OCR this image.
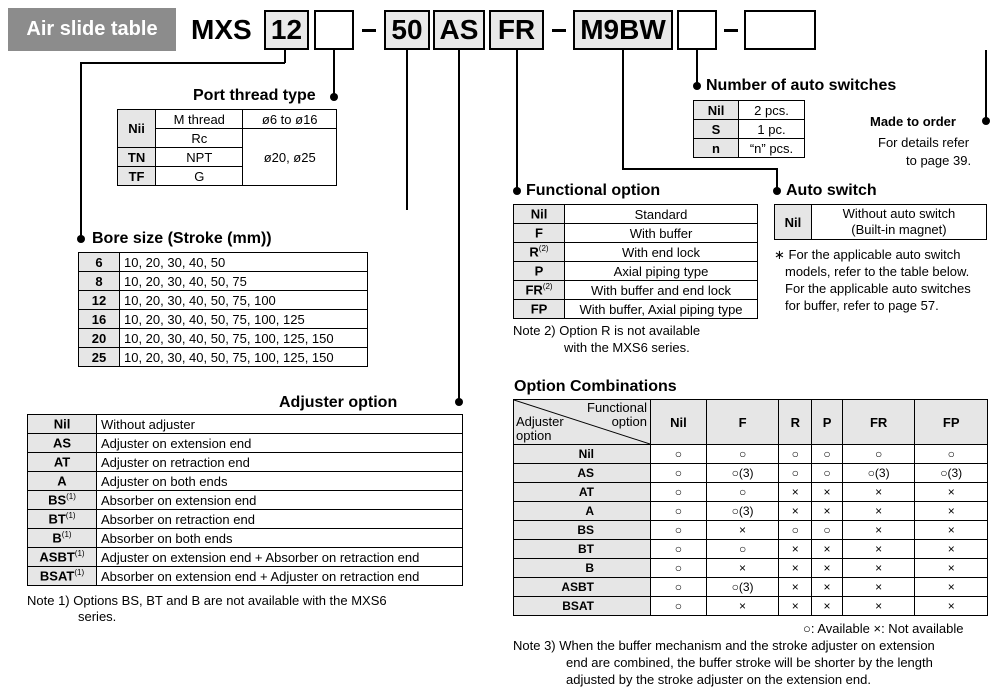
Air slide table	MXS 12	50 AS FR	M9BW
Port thread type
Nii	M thread	ø6 to ø16
	Rc	ø20, ø25
TN	NPT	
TF	G	
Bore size (Stroke (mm))
6	10, 20, 30, 40, 50
8	10, 20, 30, 40, 50, 75
12	10, 20, 30, 40, 50, 75, 100
16	10, 20, 30, 40, 50, 75, 100, 125
20	10, 20, 30, 40, 50, 75, 100, 125, 150
25	10, 20, 30, 40, 50, 75, 100, 125, 150
Adjuster option
Nil	Without adjuster
AS	Adjuster on extension end
AT	Adjuster on retraction end
A	Adjuster on both ends
BS$^{(1)}$	Absorber on extension end
BT$^{(1)}$	Absorber on retraction end
$B^{(1)}$	Absorber on both ends
ASBT$^{(1)}$	Adjuster on extension end + Absorber on retraction end
BSAT$^{(1)}$	Absorber on extension end + Adjuster on retraction end
Note 1) Options BS, BT and B are not available with the MXS6
series.
Number of auto switches
Nil	2 pcs.
S	1 pc.
n	“n” pcs.
Made to order
For details refer
to page 39.
Functional option
Nil	Standard
F	With buffer
$R^{(2)}$	With end lock
P	Axial piping type
FR$^{(2)}$	With buffer and end lock
FP	With buffer, Axial piping type
Note 2) Option R is not available
with the MXS6 series.
Auto switch
Nil	
Without auto switch
(Built-in magnet)
∗ For the applicable auto switch
models, refer to the table below.
For the applicable auto switches
for buffer, refer to page 57.
Option Combinations
Functional
option
Adjuster
option	Nil	F	R	P	FR	FP
Nil	○	○	○	○	○	○
AS	○	○(3)	○	○	○(3)	○(3)
AT	○	○	×	×	×	×
A	○	○(3)	×	×	×	×
BS	○	×	○	○	×	×
BT	○	○	×	×	×	×
B	○	×	×	×	×	×
ASBT	○	○(3)	×	×	×	×
BSAT	○	×	×	×	×	×
○: Available ×: Not available
Note 3) When the buffer mechanism and the stroke adjuster on extension
end are combined, the buffer stroke will be shorter by the length
adjusted by the stroke adjuster on the extension end.
